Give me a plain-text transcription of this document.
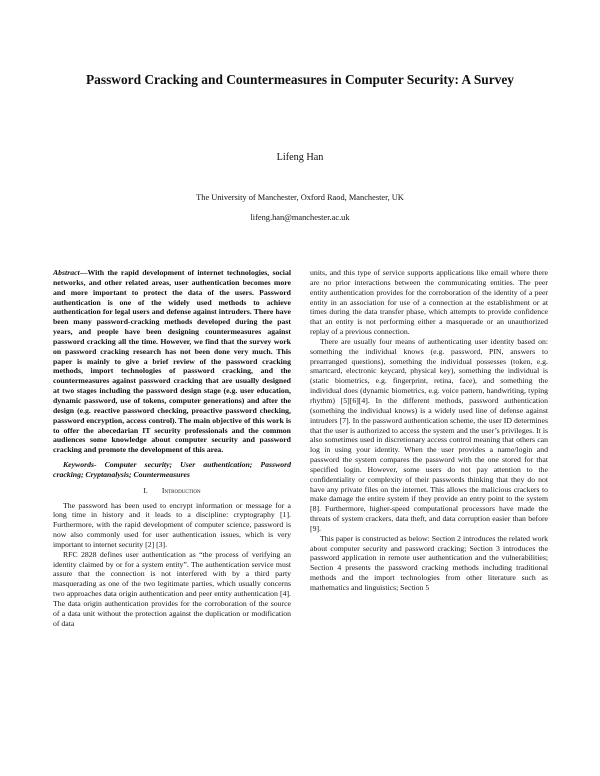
Password Cracking and Countermeasures in Computer Security: A Survey
Lifeng Han
The University of Manchester, Oxford Raod, Manchester, UK
lifeng.han@manchester.ac.uk

Abstract—With the rapid development of internet technologies, social networks, and other related areas, user authentication becomes more and more important to protect the data of the users. Password authentication is one of the widely used methods to achieve authentication for legal users and defense against intruders. There have been many password-cracking methods developed during the past years, and people have been designing countermeasures against password cracking all the time. However, we find that the survey work on password cracking research has not been done very much. This paper is mainly to give a brief review of the password cracking methods, import technologies of password cracking, and the countermeasures against password cracking that are usually designed at two stages including the password design stage (e.g. user education, dynamic password, use of tokens, computer generations) and after the design (e.g. reactive password checking, proactive password checking, password encryption, access control). The main objective of this work is to offer the abecedarian IT security professionals and the common audiences some knowledge about computer security and password cracking and promote the development of this area.

Keywords- Computer security; User authentication; Password cracking; Cryptanalysis; Countermeasures

I. Introduction

The password has been used to encrypt information or message for a long time in history and it leads to a discipline: cryptography [1]. Furthermore, with the rapid development of computer science, password is now also commonly used for user authentication issues, which is very important to internet security [2] [3].

RFC 2828 defines user authentication as “the process of verifying an identity claimed by or for a system entity”. The authentication service must assure that the connection is not interfered with by a third party masquerading as one of the two legitimate parties, which usually concerns two approaches data origin authentication and peer entity authentication [4]. The data origin authentication provides for the corroboration of the source of a data unit without the protection against the duplication or modification of data

units, and this type of service supports applications like email where there are no prior interactions between the communicating entities. The peer entity authentication provides for the corroboration of the identity of a peer entity in an association for use of a connection at the establishment or at times during the data transfer phase, which attempts to provide confidence that an entity is not performing either a masquerade or an unauthorized replay of a previous connection.

There are usually four means of authenticating user identity based on: something the individual knows (e.g. password, PIN, answers to prearranged questions), something the individual possesses (token, e.g. smartcard, electronic keycard, physical key), something the individual is (static biometrics, e.g. fingerprint, retina, face), and something the individual does (dynamic biometrics, e.g. voice pattern, handwriting, typing rhythm) [5][6][4]. In the different methods, password authentication (something the individual knows) is a widely used line of defense against intruders [7]. In the password authentication scheme, the user ID determines that the user is authorized to access the system and the user’s privileges. It is also sometimes used in discretionary access control meaning that others can log in using your identity. When the user provides a name/login and password the system compares the password with the one stored for that specified login. However, some users do not pay attention to the confidentiality or complexity of their passwords thinking that they do not have any private files on the internet. This allows the malicious crackers to make damage the entire system if they provide an entry point to the system [8]. Furthermore, higher-speed computational processors have made the threats of system crackers, data theft, and data corruption easier than before [9].

This paper is constructed as below: Section 2 introduces the related work about computer security and password cracking; Section 3 introduces the password application in remote user authentication and the vulnerabilities; Section 4 presents the password cracking methods including traditional methods and the import technologies from other literature such as mathematics and linguistics; Section 5
